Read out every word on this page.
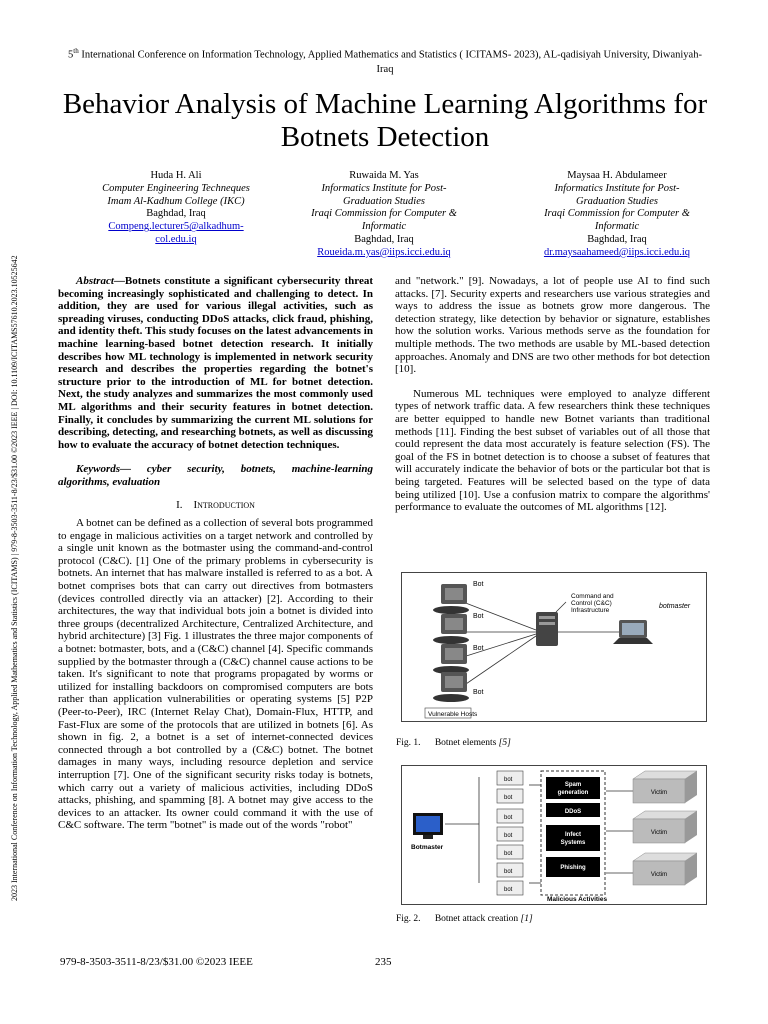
2023 International Conference on Information Technology, Applied Mathematics and Statistics (ICITAMS) | 979-8-3503-3511-8/23/$31.00 ©2023 IEEE | DOI: 10.1109/ICITAMS57610.2023.10525642
5th International Conference on Information Technology, Applied Mathematics and Statistics ( ICITAMS- 2023), AL-qadisiyah University, Diwaniyah-Iraq
Behavior Analysis of Machine Learning Algorithms for Botnets Detection
Huda H. Ali
Computer Engineering Techneques
Imam Al-Kadhum College (IKC)
Baghdad, Iraq
Compeng.lecturer5@alkadhum-col.edu.iq
Ruwaida M. Yas
Informatics Institute for Post-Graduation Studies
Iraqi Commission for Computer & Informatic
Baghdad, Iraq
Roueida.m.yas@iips.icci.edu.iq
Maysaa H. Abdulameer
Informatics Institute for Post-Graduation Studies
Iraqi Commission for Computer & Informatic
Baghdad, Iraq
dr.maysaahameed@iips.icci.edu.iq

Abstract—Botnets constitute a significant cybersecurity threat becoming increasingly sophisticated and challenging to detect. In addition, they are used for various illegal activities, such as spreading viruses, conducting DDoS attacks, click fraud, phishing, and identity theft. This study focuses on the latest advancements in machine learning-based botnet detection research. It initially describes how ML technology is implemented in network security research and describes the properties regarding the botnet's structure prior to the introduction of ML for botnet detection. Next, the study analyzes and summarizes the most commonly used ML algorithms and their security features in botnet detection. Finally, it concludes by summarizing the current ML solutions for describing, detecting, and researching botnets, as well as discussing how to evaluate the accuracy of botnet detection techniques.

Keywords— cyber security, botnets, machine-learning algorithms, evaluation

I. Introduction

A botnet can be defined as a collection of several bots programmed to engage in malicious activities on a target network and controlled by a single unit known as the botmaster using the command-and-control protocol (C&C). [1] One of the primary problems in cybersecurity is botnets. An internet that has malware installed is referred to as a bot. A botnet comprises bots that can carry out directives from botmasters (devices controlled directly via an attacker) [2]. According to their architectures, the way that individual bots join a botnet is divided into three groups (decentralized Architecture, Centralized Architecture, and hybrid architecture) [3] Fig. 1 illustrates the three major components of a botnet: botmaster, bots, and a (C&C) channel [4]. Specific commands supplied by the botmaster through a (C&C) channel cause actions to be taken. It's significant to note that programs propagated by worms or utilized for installing backdoors on compromised computers are bots rather than application vulnerabilities or operating systems [5] P2P (Peer-to-Peer), IRC (Internet Relay Chat), Domain-Flux, HTTP, and Fast-Flux are some of the protocols that are utilized in botnets [6]. As shown in fig. 2, a botnet is a set of internet-connected devices connected through a bot controlled by a (C&C) botnet. The botnet damages in many ways, including resource depletion and service interruption [7]. One of the significant security risks today is botnets, which carry out a variety of malicious activities, including DDoS attacks, phishing, and spamming [8]. A botnet may give access to the devices to an attacker. Its owner could command it with the use of C&C software. The term "botnet" is made out of the words "robot"

and "network." [9]. Nowadays, a lot of people use AI to find such attacks. [7]. Security experts and researchers use various strategies and ways to address the issue as botnets grow more dangerous. The detection strategy, like detection by behavior or signature, establishes how the solution works. Various methods serve as the foundation for multiple methods. The two methods are usable by ML-based detection approaches. Anomaly and DNS are two other methods for bot detection [10].

Numerous ML techniques were employed to analyze different types of network traffic data. A few researchers think these techniques are better equipped to handle new Botnet variants than traditional methods [11]. Finding the best subset of variables out of all those that could represent the data most accurately is feature selection (FS). The goal of the FS in botnet detection is to choose a subset of features that will accurately indicate the behavior of bots or the particular bot that is being targeted. Features will be selected based on the type of data being utilized [10]. Use a confusion matrix to compare the algorithms' performance to evaluate the outcomes of ML algorithms [12].

Bot
Bot
Bot
Bot
Command and Control (C&C) Infrastructure
botmaster
Vulnerable Hosts
Fig. 1. Botnet elements [5]
Botmaster
bot
bot
bot
bot
bot
bot
bot
Spam generation
DDoS
Infect Systems
Phishing
Malicious Activities
Victim
Victim
Victim
Fig. 2. Botnet attack creation [1]
979-8-3503-3511-8/23/$31.00 ©2023 IEEE	235
